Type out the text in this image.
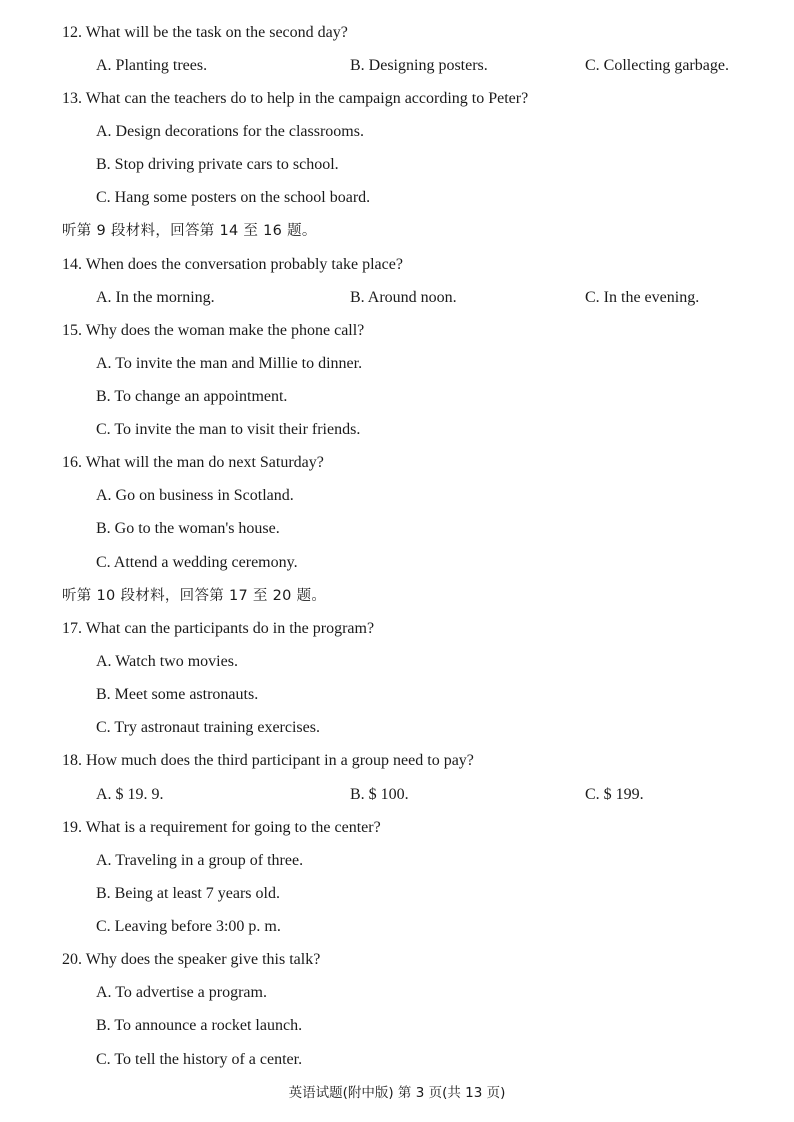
12. What will be the task on the second day?
A. Planting trees.	B. Designing posters.	C. Collecting garbage.
13. What can the teachers do to help in the campaign according to Peter?
A. Design decorations for the classrooms.
B. Stop driving private cars to school.
C. Hang some posters on the school board.
听第 9 段材料，回答第 14 至 16 题。
14. When does the conversation probably take place?
A. In the morning.	B. Around noon.	C. In the evening.
15. Why does the woman make the phone call?
A. To invite the man and Millie to dinner.
B. To change an appointment.
C. To invite the man to visit their friends.
16. What will the man do next Saturday?
A. Go on business in Scotland.
B. Go to the woman's house.
C. Attend a wedding ceremony.
听第 10 段材料，回答第 17 至 20 题。
17. What can the participants do in the program?
A. Watch two movies.
B. Meet some astronauts.
C. Try astronaut training exercises.
18. How much does the third participant in a group need to pay?
A. $ 19. 9.	B. $ 100.	C. $ 199.
19. What is a requirement for going to the center?
A. Traveling in a group of three.
B. Being at least 7 years old.
C. Leaving before 3:00 p. m.
20. Why does the speaker give this talk?
A. To advertise a program.
B. To announce a rocket launch.
C. To tell the history of a center.
英语试题(附中版) 第 3 页(共 13 页)
